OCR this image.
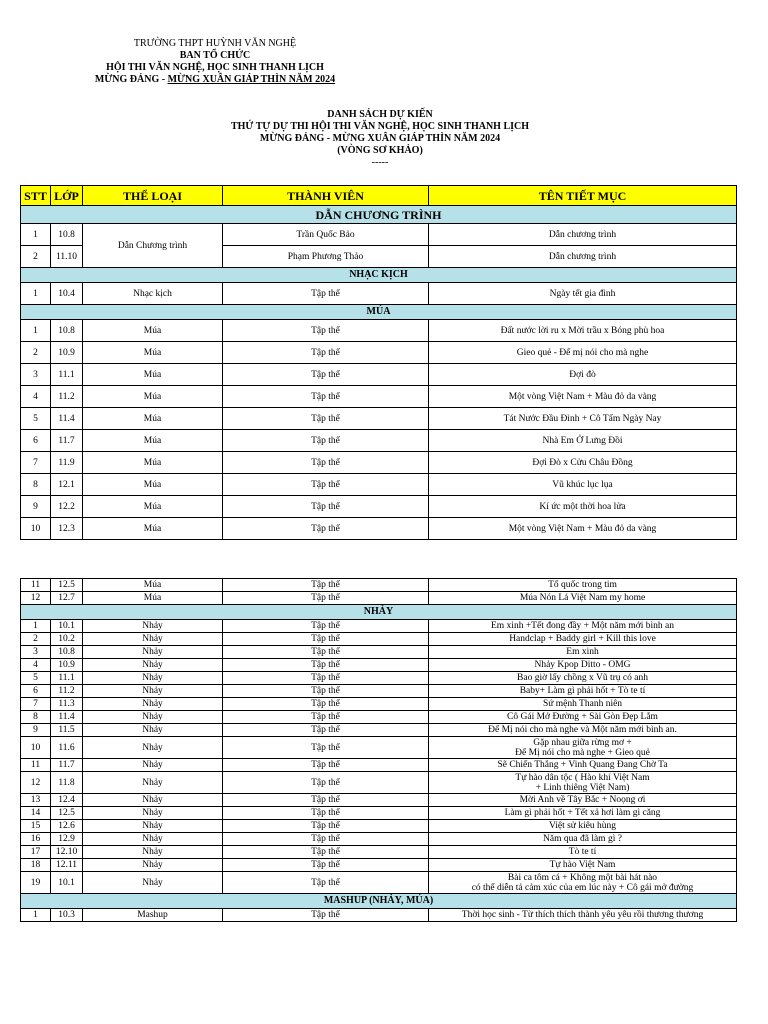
TRƯỜNG THPT HUỲNH VĂN NGHỆ
BAN TỔ CHỨC
HỘI THI VĂN NGHỆ, HỌC SINH THANH LỊCH
MỪNG ĐẢNG - MỪNG XUÂN GIÁP THÌN NĂM 2024
DANH SÁCH DỰ KIẾN
THỨ TỰ DỰ THI HỘI THI VĂN NGHỆ, HỌC SINH THANH LỊCH
MỪNG ĐẢNG - MỪNG XUÂN GIÁP THÌN NĂM 2024
(VÒNG SƠ KHẢO)
-----
STT	LỚP	THỂ LOẠI	THÀNH VIÊN	TÊN TIẾT MỤC
DẪN CHƯƠNG TRÌNH				
1	10.8	Dẫn Chương trình	Trần Quốc Bảo	Dẫn chương trình
2	11.10		Phạm Phương Thảo	Dẫn chương trình
NHẠC KỊCH				
1	10.4	Nhạc kịch	Tập thể	Ngày tết gia đình
MÚA				
1	10.8	Múa	Tập thể	Đất nước lời ru x Mời trầu x Bóng phù hoa
2	10.9	Múa	Tập thể	Gieo quẻ - Để mị nói cho mà nghe
3	11.1	Múa	Tập thể	Đợi đò
4	11.2	Múa	Tập thể	Một vòng Việt Nam + Màu đỏ da vàng
5	11.4	Múa	Tập thể	Tát Nước Đầu Đình + Cô Tấm Ngày Nay
6	11.7	Múa	Tập thể	Nhà Em Ở Lưng Đồi
7	11.9	Múa	Tập thể	Đợi Đò x Cửu Châu Đồng
8	12.1	Múa	Tập thể	Vũ khúc lục lụa
9	12.2	Múa	Tập thể	Kí ức một thời hoa lửa
10	12.3	Múa	Tập thể	Một vòng Việt Nam + Màu đỏ da vàng
11	12.5	Múa	Tập thể	Tổ quốc trong tim
12	12.7	Múa	Tập thể	Múa Nón Lá Việt Nam my home
NHẢY				
1	10.1	Nhảy	Tập thể	Em xinh +Tết đong đầy + Một năm mới bình an
2	10.2	Nhảy	Tập thể	Handclap + Baddy girl + Kill this love
3	10.8	Nhảy	Tập thể	Em xinh
4	10.9	Nhảy	Tập thể	Nhảy Kpop Ditto - OMG
5	11.1	Nhảy	Tập thể	Bao giờ lấy chồng x Vũ trụ có anh
6	11.2	Nhảy	Tập thể	Baby+ Làm gì phải hốt + Tò te tí
7	11.3	Nhảy	Tập thể	Sứ mệnh Thanh niên
8	11.4	Nhảy	Tập thể	Cô Gái Mở Đường + Sài Gòn Đẹp Lắm
9	11.5	Nhảy	Tập thể	Để Mị nói cho mà nghe và Một năm mới bình an.
10	11.6	Nhảy	Tập thể	Gặp nhau giữa rừng mơ +
Để Mị nói cho mà nghe + Gieo quẻ

11	11.7	Nhảy	Tập thể	Sẽ Chiến Thắng + Vinh Quang Đang Chờ Ta
12	11.8	Nhảy	Tập thể	Tự hào dân tộc ( Hào khí Việt Nam
+ Linh thiêng Việt Nam)

13	12.4	Nhảy	Tập thể	Mời Anh về Tây Bắc + Noọng ơi
14	12.5	Nhảy	Tập thể	Làm gì phải hốt + Tết xả hơi làm gì căng
15	12.6	Nhảy	Tập thể	Việt sử kiêu hùng
16	12.9	Nhảy	Tập thể	Năm qua đã làm gì ?
17	12.10	Nhảy	Tập thể	Tò te tí
18	12.11	Nhảy	Tập thể	Tự hào Việt Nam
19	10.1	Nhảy	Tập thể	Bài ca tôm cá + Không một bài hát nào
có thể diễn tả cảm xúc của em lúc này + Cô gái mở đường

MASHUP (NHẢY, MÚA)				
1	10.3	Mashup	Tập thể	Thời học sinh - Từ thích thích thành yêu yêu rồi thương thương
